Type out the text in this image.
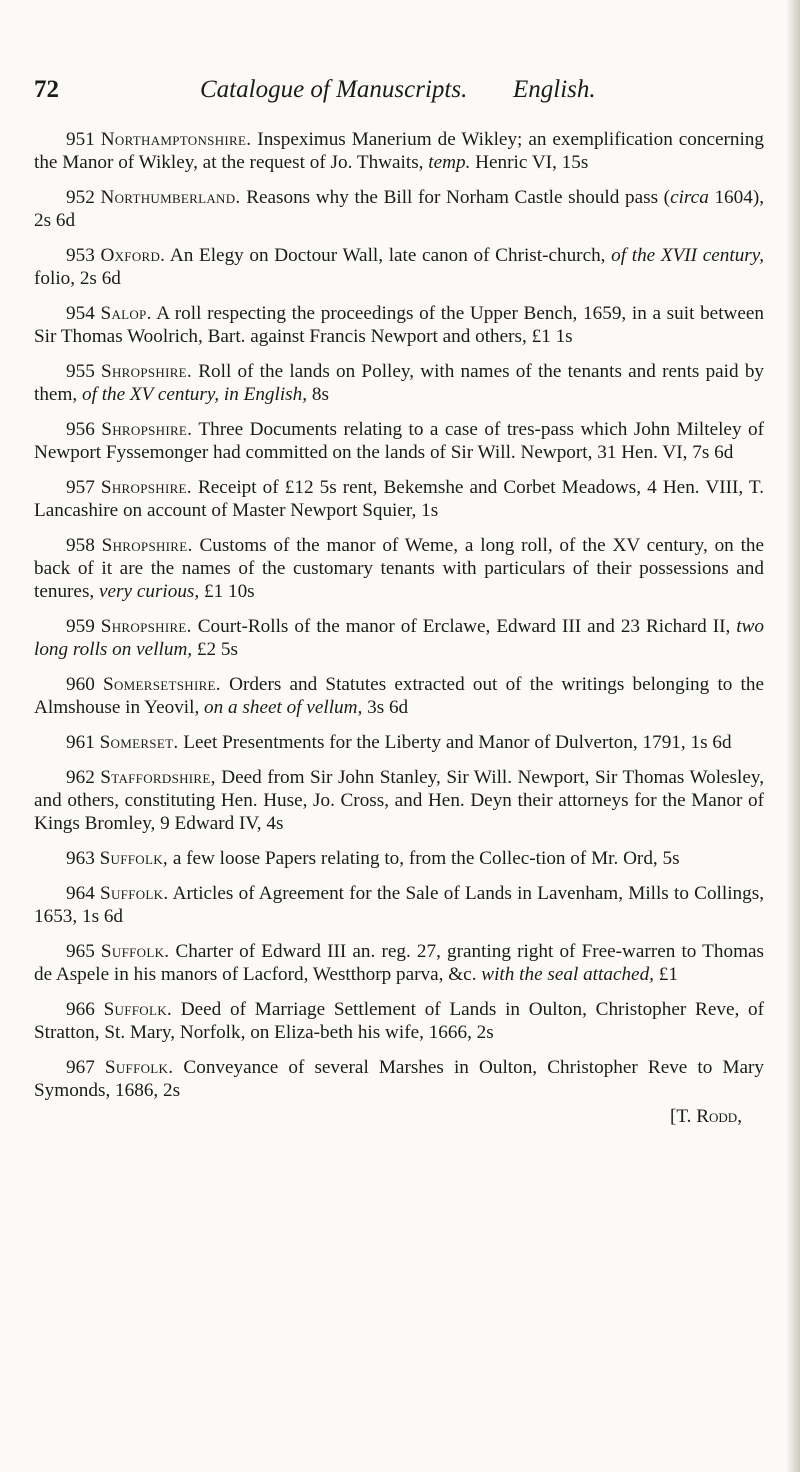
72	Catalogue of Manuscripts. English.

951 Northamptonshire. Inspeximus Manerium de Wikley; an exemplification concerning the Manor of Wikley, at the request of Jo. Thwaits, temp. Henric VI, 15s

952 Northumberland. Reasons why the Bill for Norham Castle should pass (circa 1604), 2s 6d

953 Oxford. An Elegy on Doctour Wall, late canon of Christ-church, of the XVII century, folio, 2s 6d

954 Salop. A roll respecting the proceedings of the Upper Bench, 1659, in a suit between Sir Thomas Woolrich, Bart. against Francis Newport and others, £1 1s

955 Shropshire. Roll of the lands on Polley, with names of the tenants and rents paid by them, of the XV century, in English, 8s

956 Shropshire. Three Documents relating to a case of tres-pass which John Milteley of Newport Fyssemonger had committed on the lands of Sir Will. Newport, 31 Hen. VI, 7s 6d

957 Shropshire. Receipt of £12 5s rent, Bekemshe and Corbet Meadows, 4 Hen. VIII, T. Lancashire on account of Master Newport Squier, 1s

958 Shropshire. Customs of the manor of Weme, a long roll, of the XV century, on the back of it are the names of the customary tenants with particulars of their possessions and tenures, very curious, £1 10s

959 Shropshire. Court-Rolls of the manor of Erclawe, Edward III and 23 Richard II, two long rolls on vellum, £2 5s

960 Somersetshire. Orders and Statutes extracted out of the writings belonging to the Almshouse in Yeovil, on a sheet of vellum, 3s 6d

961 Somerset. Leet Presentments for the Liberty and Manor of Dulverton, 1791, 1s 6d

962 Staffordshire, Deed from Sir John Stanley, Sir Will. Newport, Sir Thomas Wolesley, and others, constituting Hen. Huse, Jo. Cross, and Hen. Deyn their attorneys for the Manor of Kings Bromley, 9 Edward IV, 4s

963 Suffolk, a few loose Papers relating to, from the Collec-tion of Mr. Ord, 5s

964 Suffolk. Articles of Agreement for the Sale of Lands in Lavenham, Mills to Collings, 1653, 1s 6d

965 Suffolk. Charter of Edward III an. reg. 27, granting right of Free-warren to Thomas de Aspele in his manors of Lacford, Westthorp parva, &c. with the seal attached, £1

966 Suffolk. Deed of Marriage Settlement of Lands in Oulton, Christopher Reve, of Stratton, St. Mary, Norfolk, on Eliza-beth his wife, 1666, 2s

967 Suffolk. Conveyance of several Marshes in Oulton, Christopher Reve to Mary Symonds, 1686, 2s

[T. Rodd,
